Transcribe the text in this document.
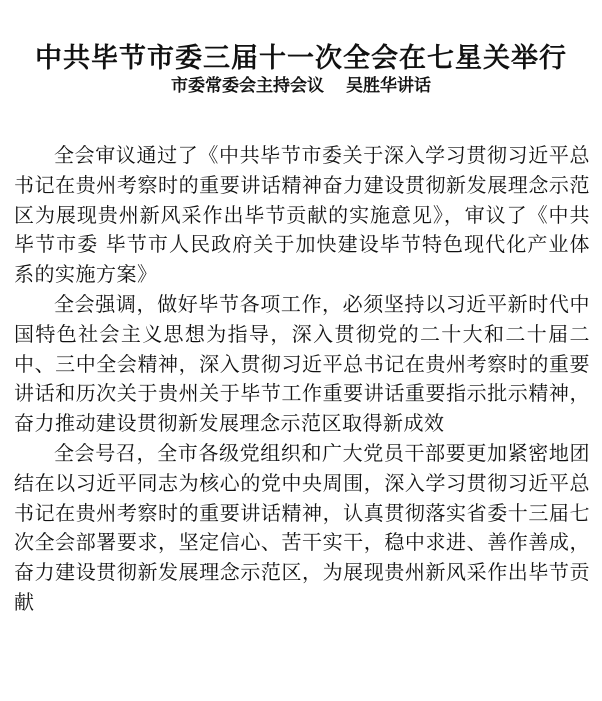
中共毕节市委三届十一次全会在七星关举行
市委常委会主持会议 吴胜华讲话

全会审议通过了《中共毕节市委关于深入学习贯彻习近平总书记在贵州考察时的重要讲话精神奋力建设贯彻新发展理念示范区为展现贵州新风采作出毕节贡献的实施意见》，审议了《中共毕节市委 毕节市人民政府关于加快建设毕节特色现代化产业体系的实施方案》

全会强调，做好毕节各项工作，必须坚持以习近平新时代中国特色社会主义思想为指导，深入贯彻党的二十大和二十届二中、三中全会精神，深入贯彻习近平总书记在贵州考察时的重要讲话和历次关于贵州关于毕节工作重要讲话重要指示批示精神，奋力推动建设贯彻新发展理念示范区取得新成效

全会号召，全市各级党组织和广大党员干部要更加紧密地团结在以习近平同志为核心的党中央周围，深入学习贯彻习近平总书记在贵州考察时的重要讲话精神，认真贯彻落实省委十三届七次全会部署要求，坚定信心、苦干实干，稳中求进、善作善成，奋力建设贯彻新发展理念示范区，为展现贵州新风采作出毕节贡献
